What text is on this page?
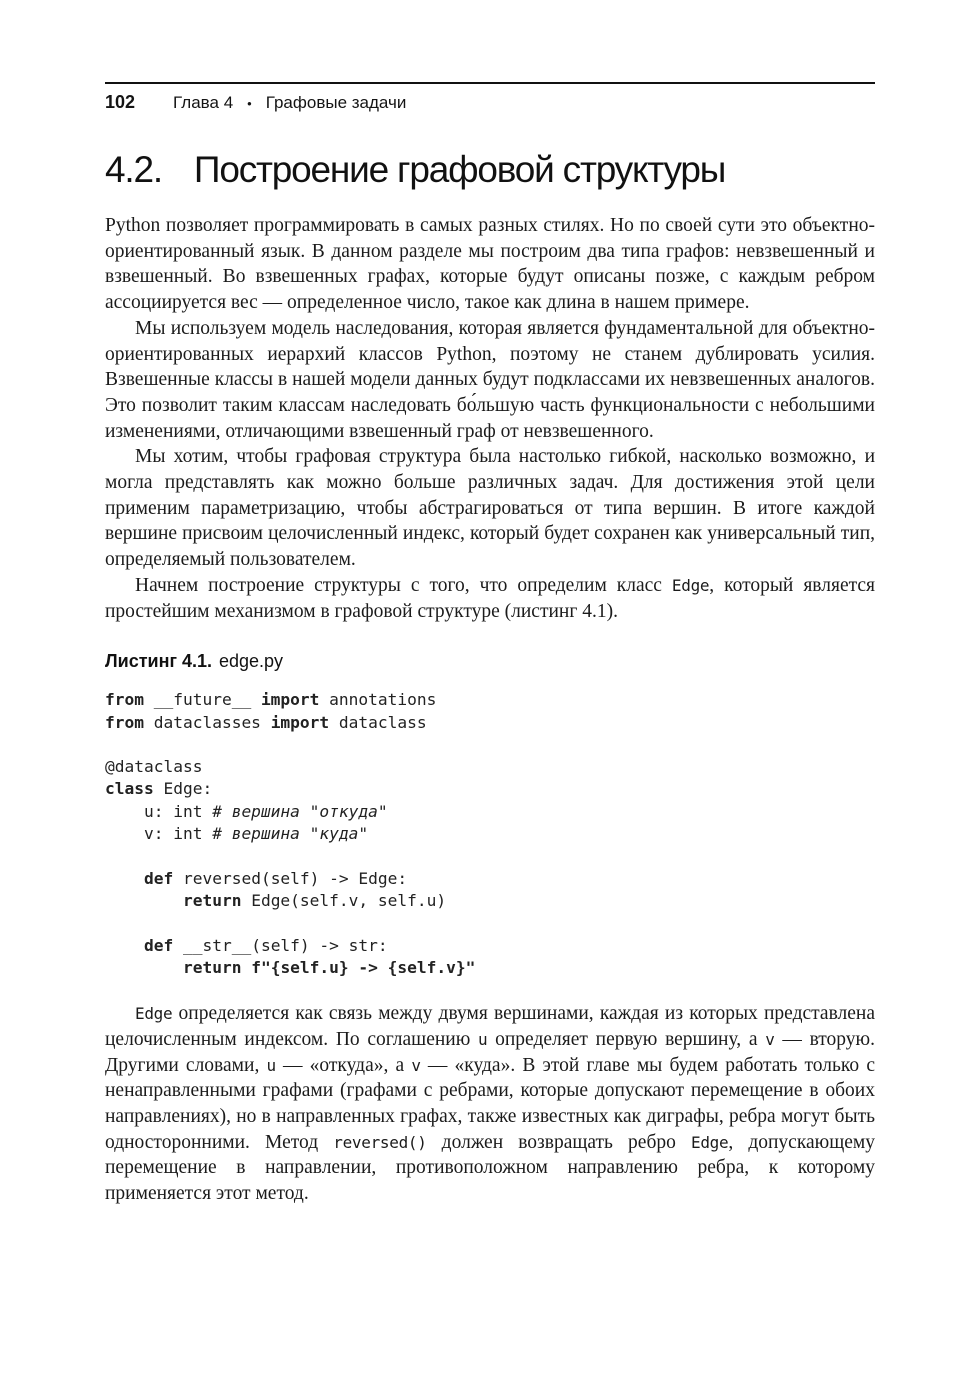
102 Глава 4 • Графовые задачи
4.2. Построение графовой структуры

Python позволяет программировать в самых разных стилях. Но по своей сути это объектно-ориентированный язык. В данном разделе мы построим два типа графов: невзвешенный и взвешенный. Во взвешенных графах, которые будут описаны позже, с каждым ребром ассоциируется вес — определенное число, такое как длина в нашем примере.

Мы используем модель наследования, которая является фундаментальной для объектно-ориентированных иерархий классов Python, поэтому не станем дублировать усилия. Взвешенные классы в нашей модели данных будут подклассами их невзвешенных аналогов. Это позволит таким классам наследовать бо́льшую часть функциональности с небольшими изменениями, отличающими взвешенный граф от невзвешенного.

Мы хотим, чтобы графовая структура была настолько гибкой, насколько возможно, и могла представлять как можно больше различных задач. Для достижения этой цели применим параметризацию, чтобы абстрагироваться от типа вершин. В итоге каждой вершине присвоим целочисленный индекс, который будет сохранен как универсальный тип, определяемый пользователем.

Начнем построение структуры с того, что определим класс Edge, который является простейшим механизмом в графовой структуре (листинг 4.1).

Листинг 4.1. edge.py

from __future__ import annotations
from dataclasses import dataclass

@dataclass
class Edge:
u: int # вершина "откуда"
v: int # вершина "куда"

def reversed(self) -> Edge:
return Edge(self.v, self.u)

def __str__(self) -> str:
return f"{self.u} -> {self.v}"

Edge определяется как связь между двумя вершинами, каждая из которых представлена целочисленным индексом. По соглашению u определяет первую вершину, а v — вторую. Другими словами, u — «откуда», а v — «куда». В этой главе мы будем работать только с ненаправленными графами (графами с ребрами, которые допускают перемещение в обоих направлениях), но в направленных графах, также известных как диграфы, ребра могут быть односторонними. Метод reversed() должен возвращать ребро Edge, допускающему перемещение в направлении, противоположном направлению ребра, к которому применяется этот метод.
